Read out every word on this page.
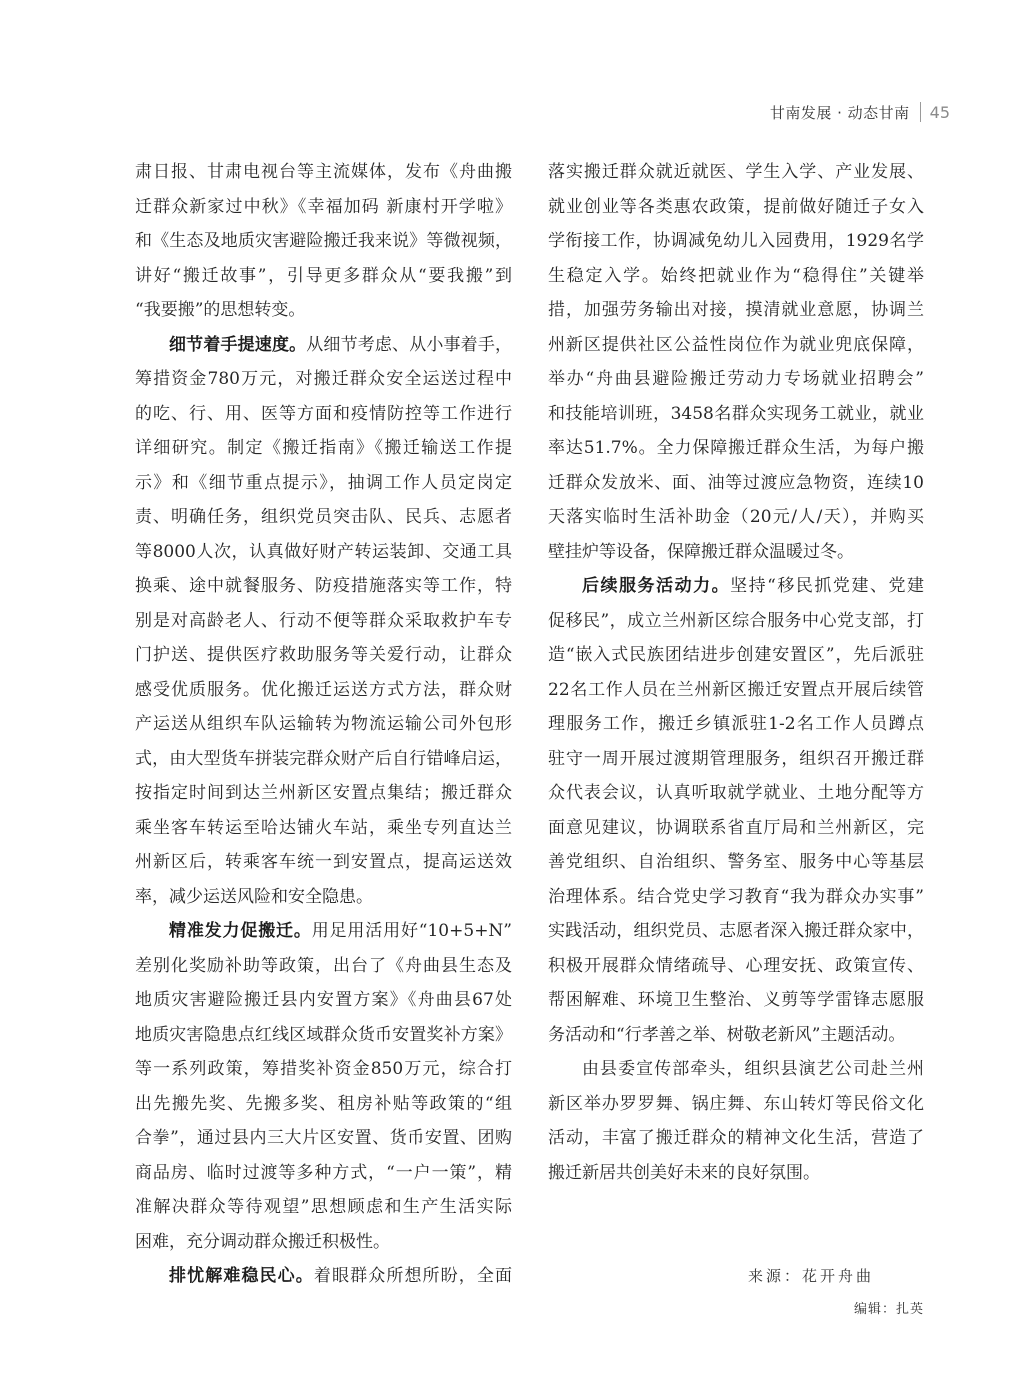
甘南发展 · 动态甘南 45
肃日报、甘肃电视台等主流媒体，发布《舟曲搬
迁群众新家过中秋》《幸福加码 新康村开学啦》
和《生态及地质灾害避险搬迁我来说》等微视频，
讲好“搬迁故事”，引导更多群众从“要我搬”到
“我要搬”的思想转变。
细节着手提速度。从细节考虑、从小事着手，
筹措资金780万元，对搬迁群众安全运送过程中
的吃、行、用、医等方面和疫情防控等工作进行
详细研究。制定《搬迁指南》《搬迁输送工作提
示》和《细节重点提示》，抽调工作人员定岗定
责、明确任务，组织党员突击队、民兵、志愿者
等8000人次，认真做好财产转运装卸、交通工具
换乘、途中就餐服务、防疫措施落实等工作，特
别是对高龄老人、行动不便等群众采取救护车专
门护送、提供医疗救助服务等关爱行动，让群众
感受优质服务。优化搬迁运送方式方法，群众财
产运送从组织车队运输转为物流运输公司外包形
式，由大型货车拼装完群众财产后自行错峰启运，
按指定时间到达兰州新区安置点集结；搬迁群众
乘坐客车转运至哈达铺火车站，乘坐专列直达兰
州新区后，转乘客车统一到安置点，提高运送效
率，减少运送风险和安全隐患。
精准发力促搬迁。用足用活用好“10+5+N”
差别化奖励补助等政策，出台了《舟曲县生态及
地质灾害避险搬迁县内安置方案》《舟曲县67处
地质灾害隐患点红线区域群众货币安置奖补方案》
等一系列政策，筹措奖补资金850万元，综合打
出先搬先奖、先搬多奖、租房补贴等政策的“组
合拳”，通过县内三大片区安置、货币安置、团购
商品房、临时过渡等多种方式，“一户一策”，精
准解决群众等待观望”思想顾虑和生产生活实际
困难，充分调动群众搬迁积极性。
排忧解难稳民心。着眼群众所想所盼，全面
落实搬迁群众就近就医、学生入学、产业发展、
就业创业等各类惠农政策，提前做好随迁子女入
学衔接工作，协调减免幼儿入园费用，1929名学
生稳定入学。始终把就业作为“稳得住”关键举
措，加强劳务输出对接，摸清就业意愿，协调兰
州新区提供社区公益性岗位作为就业兜底保障，
举办“舟曲县避险搬迁劳动力专场就业招聘会”
和技能培训班，3458名群众实现务工就业，就业
率达51.7%。全力保障搬迁群众生活，为每户搬
迁群众发放米、面、油等过渡应急物资，连续10
天落实临时生活补助金（20元/人/天），并购买
壁挂炉等设备，保障搬迁群众温暖过冬。
后续服务活动力。坚持“移民抓党建、党建
促移民”，成立兰州新区综合服务中心党支部，打
造“嵌入式民族团结进步创建安置区”，先后派驻
22名工作人员在兰州新区搬迁安置点开展后续管
理服务工作，搬迁乡镇派驻1-2名工作人员蹲点
驻守一周开展过渡期管理服务，组织召开搬迁群
众代表会议，认真听取就学就业、土地分配等方
面意见建议，协调联系省直厅局和兰州新区，完
善党组织、自治组织、警务室、服务中心等基层
治理体系。结合党史学习教育“我为群众办实事”
实践活动，组织党员、志愿者深入搬迁群众家中，
积极开展群众情绪疏导、心理安抚、政策宣传、
帮困解难、环境卫生整治、义剪等学雷锋志愿服
务活动和“行孝善之举、树敬老新风”主题活动。
由县委宣传部牵头，组织县演艺公司赴兰州
新区举办罗罗舞、锅庄舞、东山转灯等民俗文化
活动，丰富了搬迁群众的精神文化生活，营造了
搬迁新居共创美好未来的良好氛围。
来源：花开舟曲
编辑：扎英
